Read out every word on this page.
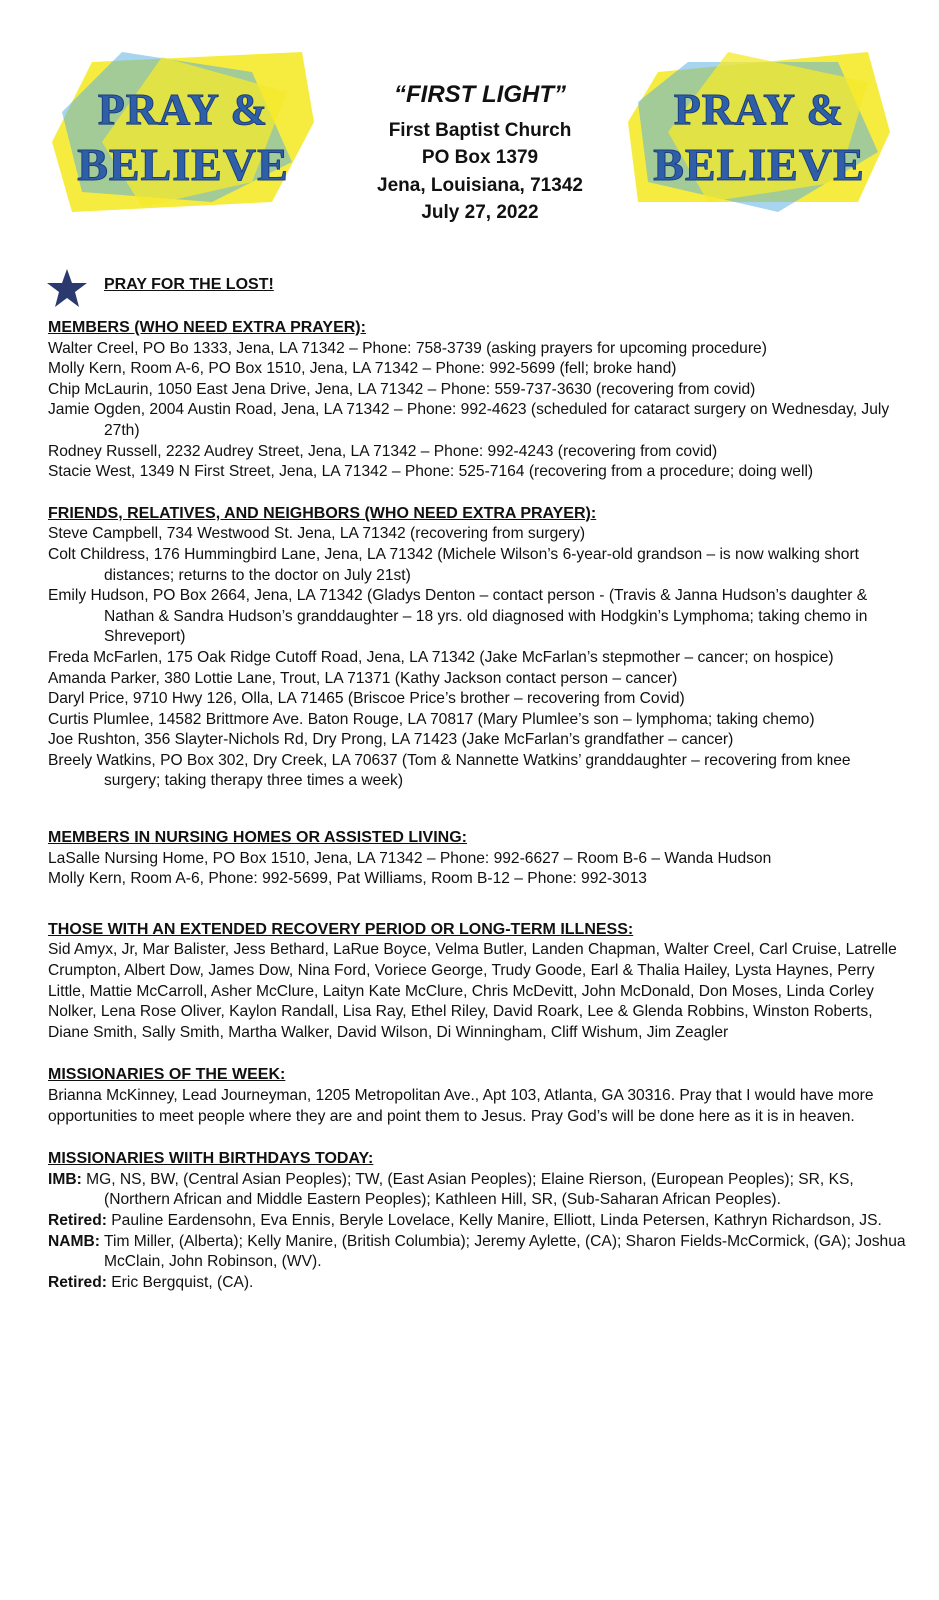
PRAY &
BELIEVE
PRAY &
BELIEVE
“FIRST LIGHT”
First Baptist Church
PO Box 1379
Jena, Louisiana, 71342
July 27, 2022
PRAY FOR THE LOST!

MEMBERS (WHO NEED EXTRA PRAYER):

Walter Creel, PO Bo 1333, Jena, LA 71342 – Phone: 758-3739 (asking prayers for upcoming procedure)

Molly Kern, Room A-6, PO Box 1510, Jena, LA 71342 – Phone: 992-5699 (fell; broke hand)

Chip McLaurin, 1050 East Jena Drive, Jena, LA 71342 – Phone: 559-737-3630 (recovering from covid)

Jamie Ogden, 2004 Austin Road, Jena, LA 71342 – Phone: 992-4623 (scheduled for cataract surgery on Wednesday, July 27th)

Rodney Russell, 2232 Audrey Street, Jena, LA 71342 – Phone: 992-4243 (recovering from covid)

Stacie West, 1349 N First Street, Jena, LA 71342 – Phone: 525-7164 (recovering from a procedure; doing well)

FRIENDS, RELATIVES, AND NEIGHBORS (WHO NEED EXTRA PRAYER):

Steve Campbell, 734 Westwood St. Jena, LA 71342 (recovering from surgery)

Colt Childress, 176 Hummingbird Lane, Jena, LA 71342 (Michele Wilson’s 6-year-old grandson – is now walking short distances; returns to the doctor on July 21st)

Emily Hudson, PO Box 2664, Jena, LA 71342 (Gladys Denton – contact person - (Travis & Janna Hudson’s daughter & Nathan & Sandra Hudson’s granddaughter – 18 yrs. old diagnosed with Hodgkin’s Lymphoma; taking chemo in Shreveport)

Freda McFarlen, 175 Oak Ridge Cutoff Road, Jena, LA 71342 (Jake McFarlan’s stepmother – cancer; on hospice)

Amanda Parker, 380 Lottie Lane, Trout, LA 71371 (Kathy Jackson contact person – cancer)

Daryl Price, 9710 Hwy 126, Olla, LA 71465 (Briscoe Price’s brother – recovering from Covid)

Curtis Plumlee, 14582 Brittmore Ave. Baton Rouge, LA 70817 (Mary Plumlee’s son – lymphoma; taking chemo)

Joe Rushton, 356 Slayter-Nichols Rd, Dry Prong, LA 71423 (Jake McFarlan’s grandfather – cancer)

Breely Watkins, PO Box 302, Dry Creek, LA 70637 (Tom & Nannette Watkins’ granddaughter – recovering from knee surgery; taking therapy three times a week)

MEMBERS IN NURSING HOMES OR ASSISTED LIVING:

LaSalle Nursing Home, PO Box 1510, Jena, LA 71342 – Phone: 992-6627 – Room B-6 – Wanda Hudson

Molly Kern, Room A-6, Phone: 992-5699, Pat Williams, Room B-12 – Phone: 992-3013

THOSE WITH AN EXTENDED RECOVERY PERIOD OR LONG-TERM ILLNESS:

Sid Amyx, Jr, Mar Balister, Jess Bethard, LaRue Boyce, Velma Butler, Landen Chapman, Walter Creel, Carl Cruise, Latrelle Crumpton, Albert Dow, James Dow, Nina Ford, Voriece George, Trudy Goode, Earl & Thalia Hailey, Lysta Haynes, Perry Little, Mattie McCarroll, Asher McClure, Laityn Kate McClure, Chris McDevitt, John McDonald, Don Moses, Linda Corley Nolker, Lena Rose Oliver, Kaylon Randall, Lisa Ray, Ethel Riley, David Roark, Lee & Glenda Robbins, Winston Roberts, Diane Smith, Sally Smith, Martha Walker, David Wilson, Di Winningham, Cliff Wishum, Jim Zeagler

MISSIONARIES OF THE WEEK:

Brianna McKinney, Lead Journeyman, 1205 Metropolitan Ave., Apt 103, Atlanta, GA 30316. Pray that I would have more opportunities to meet people where they are and point them to Jesus. Pray God’s will be done here as it is in heaven.

MISSIONARIES WIITH BIRTHDAYS TODAY:

IMB: MG, NS, BW, (Central Asian Peoples); TW, (East Asian Peoples); Elaine Rierson, (European Peoples); SR, KS, (Northern African and Middle Eastern Peoples); Kathleen Hill, SR, (Sub-Saharan African Peoples).

Retired: Pauline Eardensohn, Eva Ennis, Beryle Lovelace, Kelly Manire, Elliott, Linda Petersen, Kathryn Richardson, JS.

NAMB: Tim Miller, (Alberta); Kelly Manire, (British Columbia); Jeremy Aylette, (CA); Sharon Fields-McCormick, (GA); Joshua McClain, John Robinson, (WV).

Retired: Eric Bergquist, (CA).
